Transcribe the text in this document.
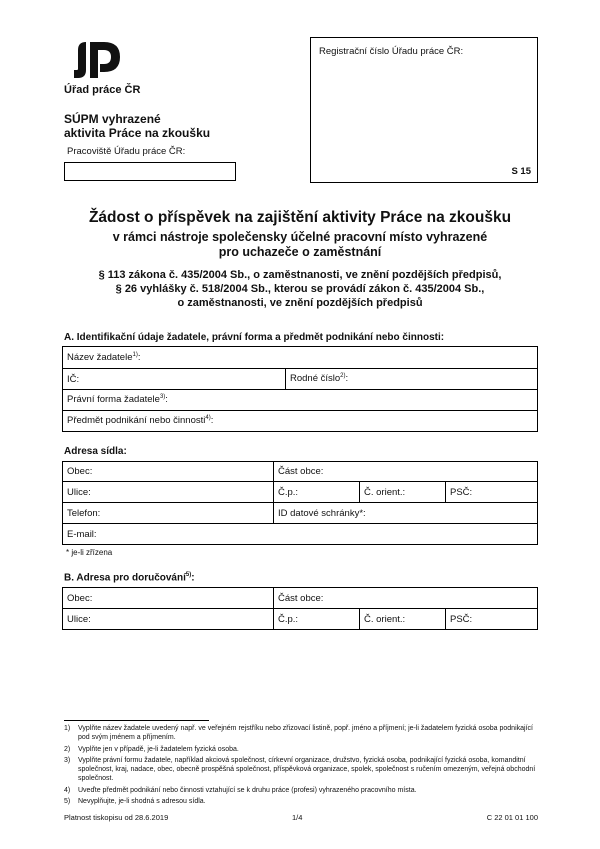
Úřad práce ČR
Registrační číslo Úřadu práce ČR:
S 15
SÚPM vyhrazené
aktivita Práce na zkoušku
Pracoviště Úřadu práce ČR:
Žádost o příspěvek na zajištění aktivity Práce na zkoušku
v rámci nástroje společensky účelné pracovní místo vyhrazené
pro uchazeče o zaměstnání
§ 113 zákona č. 435/2004 Sb., o zaměstnanosti, ve znění pozdějších předpisů,
§ 26 vyhlášky č. 518/2004 Sb., kterou se provádí zákon č. 435/2004 Sb.,
o zaměstnanosti, ve znění pozdějších předpisů
A. Identifikační údaje žadatele, právní forma a předmět podnikání nebo činnosti:
Název žadatele$^{1)}$:
IČ:	Rodné číslo$^{2)}$:
Právní forma žadatele$^{3)}$:
Předmět podnikání nebo činnosti$^{4)}$:
Adresa sídla:
Obec:	Část obce:		
Ulice:	Č.p.:	Č. orient.:	PSČ:
Telefon:	ID datové schránky*:		
E-mail:			
* je-li zřízena
B. Adresa pro doručování$^{5)}$:
Obec:	Část obce:		
Ulice:	Č.p.:	Č. orient.:	PSČ:
1)	Vyplňte název žadatele uvedený např. ve veřejném rejstříku nebo zřizovací listině, popř. jméno a příjmení; je-li žadatelem fyzická osoba podnikající pod svým jménem a příjmením.
2)	Vyplňte jen v případě, je-li žadatelem fyzická osoba.
3)	Vyplňte právní formu žadatele, například akciová společnost, církevní organizace, družstvo, fyzická osoba, podnikající fyzická osoba, komanditní společnost, kraj, nadace, obec, obecně prospěšná společnost, příspěvková organizace, spolek, společnost s ručením omezeným, veřejná obchodní společnost.
4)	Uveďte předmět podnikání nebo činnosti vztahující se k druhu práce (profesi) vyhrazeného pracovního místa.
5)	Nevyplňujte, je-li shodná s adresou sídla.
Platnost tiskopisu od 28.6.2019	1/4	C 22 01 01 100
